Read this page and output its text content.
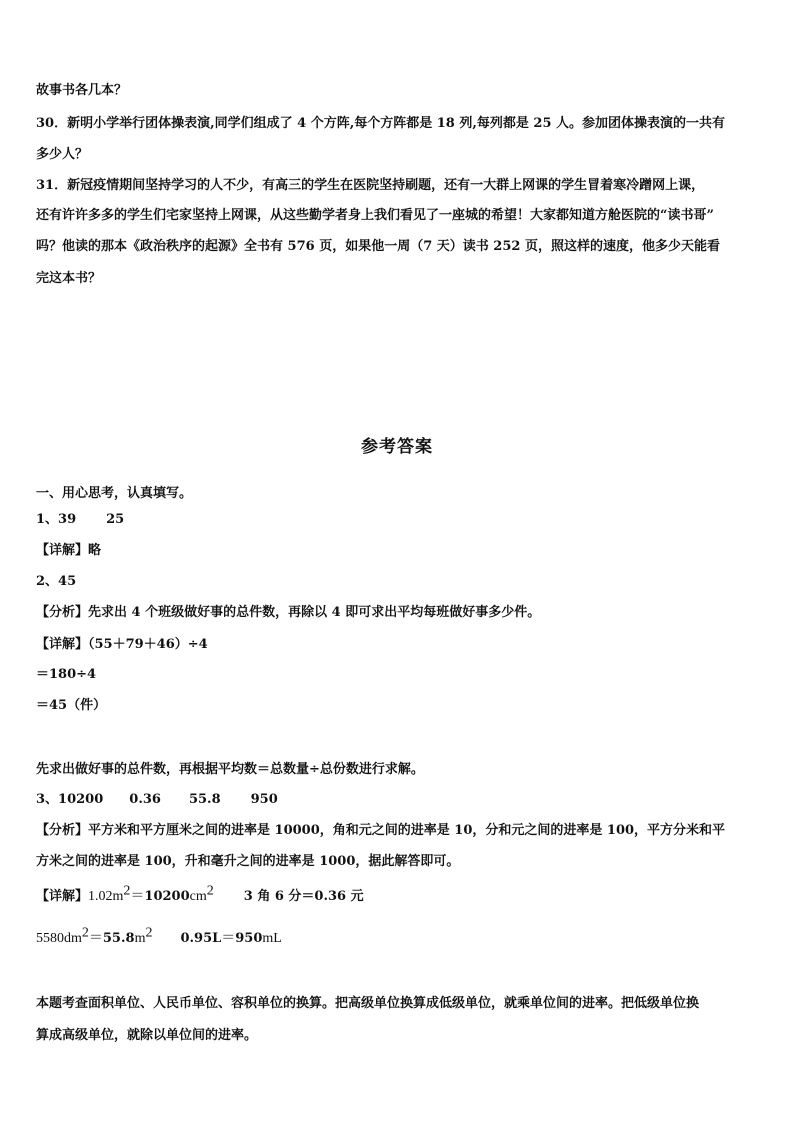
故事书各几本？
30．新明小学举行团体操表演,同学们组成了 4 个方阵,每个方阵都是 18 列,每列都是 25 人。参加团体操表演的一共有
多少人？
31．新冠疫情期间坚持学习的人不少，有高三的学生在医院坚持刷题，还有一大群上网课的学生冒着寒冷蹭网上课，
还有许许多多的学生们宅家坚持上网课，从这些勤学者身上我们看见了一座城的希望！大家都知道方舱医院的“读书哥”
吗？他读的那本《政治秩序的起源》全书有 576 页，如果他一周（7 天）读书 252 页，照这样的速度，他多少天能看
完这本书？
参考答案
一、用心思考，认真填写。
1、39 25
【详解】略
2、45
【分析】先求出 4 个班级做好事的总件数，再除以 4 即可求出平均每班做好事多少件。
【详解】（55＋79＋46）÷4
＝180÷4
＝45（件）
先求出做好事的总件数，再根据平均数＝总数量÷总份数进行求解。
3、10200 0.36 55.8 950
【分析】平方米和平方厘米之间的进率是 10000，角和元之间的进率是 10，分和元之间的进率是 100，平方分米和平
方米之间的进率是 100，升和毫升之间的进率是 1000，据此解答即可。
【详解】$1.02m^2=10200cm^2$ 3 角 6 分＝0.36 元
$5580dm^2=55.8m^2$ 0.95L＝950mL
本题考查面积单位、人民币单位、容积单位的换算。把高级单位换算成低级单位，就乘单位间的进率。把低级单位换
算成高级单位，就除以单位间的进率。
